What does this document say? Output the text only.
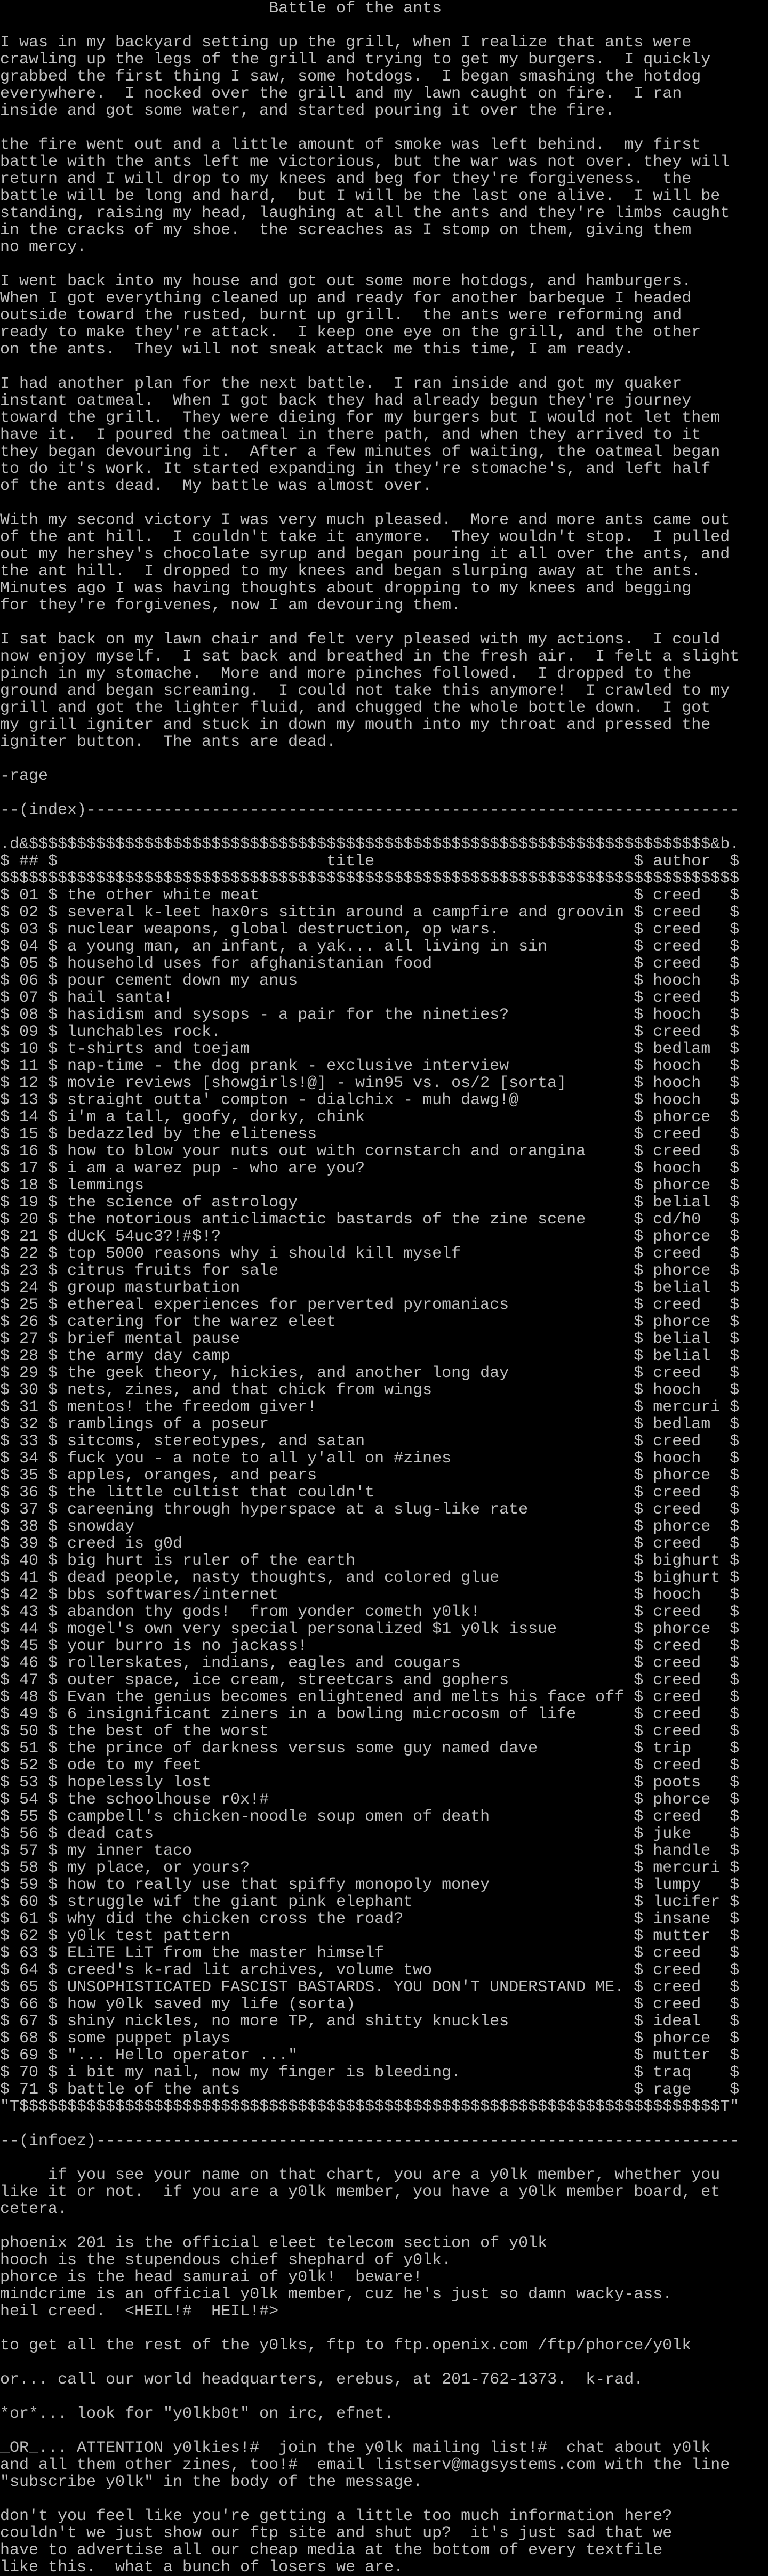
Battle of the ants

I was in my backyard setting up the grill, when I realize that ants were
crawling up the legs of the grill and trying to get my burgers.  I quickly
grabbed the first thing I saw, some hotdogs.  I began smashing the hotdog
everywhere.  I nocked over the grill and my lawn caught on fire.  I ran
inside and got some water, and started pouring it over the fire.

the fire went out and a little amount of smoke was left behind.  my first
battle with the ants left me victorious, but the war was not over. they will
return and I will drop to my knees and beg for they're forgiveness.  the
battle will be long and hard,  but I will be the last one alive.  I will be
standing, raising my head, laughing at all the ants and they're limbs caught
in the cracks of my shoe.  the screaches as I stomp on them, giving them
no mercy.

I went back into my house and got out some more hotdogs, and hamburgers.
When I got everything cleaned up and ready for another barbeque I headed
outside toward the rusted, burnt up grill.  the ants were reforming and
ready to make they're attack.  I keep one eye on the grill, and the other
on the ants.  They will not sneak attack me this time, I am ready.

I had another plan for the next battle.  I ran inside and got my quaker
instant oatmeal.  When I got back they had already begun they're journey
toward the grill.  They were dieing for my burgers but I would not let them
have it.  I poured the oatmeal in there path, and when they arrived to it
they began devouring it.  After a few minutes of waiting, the oatmeal began
to do it's work. It started expanding in they're stomache's, and left half
of the ants dead.  My battle was almost over.

With my second victory I was very much pleased.  More and more ants came out
of the ant hill.  I couldn't take it anymore.  They wouldn't stop.  I pulled
out my hershey's chocolate syrup and began pouring it all over the ants, and
the ant hill.  I dropped to my knees and began slurping away at the ants.
Minutes ago I was having thoughts about dropping to my knees and begging
for they're forgivenes, now I am devouring them.

I sat back on my lawn chair and felt very pleased with my actions.  I could
now enjoy myself.  I sat back and breathed in the fresh air.  I felt a slight
pinch in my stomache.  More and more pinches followed.  I dropped to the
ground and began screaming.  I could not take this anymore!  I crawled to my
grill and got the lighter fluid, and chugged the whole bottle down.  I got
my grill igniter and stuck in down my mouth into my throat and pressed the
igniter button.  The ants are dead.

-rage

--(index)--------------------------------------------------------------------

.d&$$$$$$$$$$$$$$$$$$$$$$$$$$$$$$$$$$$$$$$$$$$$$$$$$$$$$$$$$$$$$$$$$$$$$$$&b.
$ ## $                            title                           $ author  $
$$$$$$$$$$$$$$$$$$$$$$$$$$$$$$$$$$$$$$$$$$$$$$$$$$$$$$$$$$$$$$$$$$$$$$$$$$$$$
$ 01 $ the other white meat                                       $ creed   $
$ 02 $ several k-leet hax0rs sittin around a campfire and groovin $ creed   $
$ 03 $ nuclear weapons, global destruction, op wars.              $ creed   $
$ 04 $ a young man, an infant, a yak... all living in sin         $ creed   $
$ 05 $ household uses for afghanistanian food                     $ creed   $
$ 06 $ pour cement down my anus                                   $ hooch   $
$ 07 $ hail santa!                                                $ creed   $
$ 08 $ hasidism and sysops - a pair for the nineties?             $ hooch   $
$ 09 $ lunchables rock.                                           $ creed   $
$ 10 $ t-shirts and toejam                                        $ bedlam  $
$ 11 $ nap-time - the dog prank - exclusive interview             $ hooch   $
$ 12 $ movie reviews [showgirls!@] - win95 vs. os/2 [sorta]       $ hooch   $
$ 13 $ straight outta' compton - dialchix - muh dawg!@            $ hooch   $
$ 14 $ i'm a tall, goofy, dorky, chink                            $ phorce  $
$ 15 $ bedazzled by the eliteness                                 $ creed   $
$ 16 $ how to blow your nuts out with cornstarch and orangina     $ creed   $
$ 17 $ i am a warez pup - who are you?                            $ hooch   $
$ 18 $ lemmings                                                   $ phorce  $
$ 19 $ the science of astrology                                   $ belial  $
$ 20 $ the notorious anticlimactic bastards of the zine scene     $ cd/h0   $
$ 21 $ dUcK 54uc3?!#$!?                                           $ phorce  $
$ 22 $ top 5000 reasons why i should kill myself                  $ creed   $
$ 23 $ citrus fruits for sale                                     $ phorce  $
$ 24 $ group masturbation                                         $ belial  $
$ 25 $ ethereal experiences for perverted pyromaniacs             $ creed   $
$ 26 $ catering for the warez eleet                               $ phorce  $
$ 27 $ brief mental pause                                         $ belial  $
$ 28 $ the army day camp                                          $ belial  $
$ 29 $ the geek theory, hickies, and another long day             $ creed   $
$ 30 $ nets, zines, and that chick from wings                     $ hooch   $
$ 31 $ mentos! the freedom giver!                                 $ mercuri $
$ 32 $ ramblings of a poseur                                      $ bedlam  $
$ 33 $ sitcoms, stereotypes, and satan                            $ creed   $
$ 34 $ fuck you - a note to all y'all on #zines                   $ hooch   $
$ 35 $ apples, oranges, and pears                                 $ phorce  $
$ 36 $ the little cultist that couldn't                           $ creed   $
$ 37 $ careening through hyperspace at a slug-like rate           $ creed   $
$ 38 $ snowday                                                    $ phorce  $
$ 39 $ creed is g0d                                               $ creed   $
$ 40 $ big hurt is ruler of the earth                             $ bighurt $
$ 41 $ dead people, nasty thoughts, and colored glue              $ bighurt $
$ 42 $ bbs softwares/internet                                     $ hooch   $
$ 43 $ abandon thy gods!  from yonder cometh y0lk!                $ creed   $
$ 44 $ mogel's own very special personalized $1 y0lk issue        $ phorce  $
$ 45 $ your burro is no jackass!                                  $ creed   $
$ 46 $ rollerskates, indians, eagles and cougars                  $ creed   $
$ 47 $ outer space, ice cream, streetcars and gophers             $ creed   $
$ 48 $ Evan the genius becomes enlightened and melts his face off $ creed   $
$ 49 $ 6 insignificant ziners in a bowling microcosm of life      $ creed   $
$ 50 $ the best of the worst                                      $ creed   $
$ 51 $ the prince of darkness versus some guy named dave          $ trip    $
$ 52 $ ode to my feet                                             $ creed   $
$ 53 $ hopelessly lost                                            $ poots   $
$ 54 $ the schoolhouse r0x!#                                      $ phorce  $
$ 55 $ campbell's chicken-noodle soup omen of death               $ creed   $
$ 56 $ dead cats                                                  $ juke    $
$ 57 $ my inner taco                                              $ handle  $
$ 58 $ my place, or yours?                                        $ mercuri $
$ 59 $ how to really use that spiffy monopoly money               $ lumpy   $
$ 60 $ struggle wif the giant pink elephant                       $ lucifer $
$ 61 $ why did the chicken cross the road?                        $ insane  $
$ 62 $ y0lk test pattern                                          $ mutter  $
$ 63 $ ELiTE LiT from the master himself                          $ creed   $
$ 64 $ creed's k-rad lit archives, volume two                     $ creed   $
$ 65 $ UNSOPHISTICATED FASCIST BASTARDS. YOU DON'T UNDERSTAND ME. $ creed   $
$ 66 $ how y0lk saved my life (sorta)                             $ creed   $
$ 67 $ shiny nickles, no more TP, and shitty knuckles             $ ideal   $
$ 68 $ some puppet plays                                          $ phorce  $
$ 69 $ "... Hello operator ..."                                   $ mutter  $
$ 70 $ i bit my nail, now my finger is bleeding.                  $ traq    $
$ 71 $ battle of the ants                                         $ rage    $
"T$$$$$$$$$$$$$$$$$$$$$$$$$$$$$$$$$$$$$$$$$$$$$$$$$$$$$$$$$$$$$$$$$$$$$$$$$T"

--(infoez)-------------------------------------------------------------------

if you see your name on that chart, you are a y0lk member, whether you
like it or not.  if you are a y0lk member, you have a y0lk member board, et
cetera.

phoenix 201 is the official eleet telecom section of y0lk
hooch is the stupendous chief shephard of y0lk.
phorce is the head samurai of y0lk!  beware!
mindcrime is an official y0lk member, cuz he's just so damn wacky-ass.
heil creed.  <HEIL!#  HEIL!#>

to get all the rest of the y0lks, ftp to ftp.openix.com /ftp/phorce/y0lk

or... call our world headquarters, erebus, at 201-762-1373.  k-rad.

*or*... look for "y0lkb0t" on irc, efnet.

_OR_... ATTENTION y0lkies!#  join the y0lk mailing list!#  chat about y0lk
and all them other zines, too!#  email listserv@magsystems.com with the line
"subscribe y0lk" in the body of the message.

don't you feel like you're getting a little too much information here?
couldn't we just show our ftp site and shut up?  it's just sad that we
have to advertise all our cheap media at the bottom of every textfile
like this.  what a bunch of losers we are.
